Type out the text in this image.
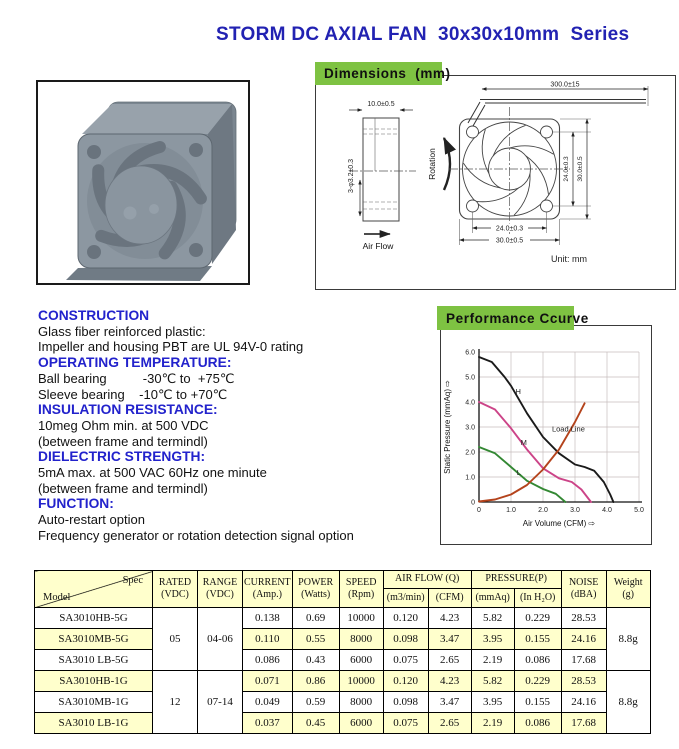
STORM DC AXIAL FAN  30x30x10mm  Series
Dimensions  (mm)
10.0±0.5
3-φ3.2±0.3
Air Flow
Rotation
300.0±15
24.0±0.3 30.0±0.5
24.0±0.3
30.0±0.5
Unit: mm
CONSTRUCTION
Glass fiber reinforced plastic:
Impeller and housing PBT are UL 94V-0 rating
OPERATING TEMPERATURE:
Ball bearing          -30℃ to  +75℃
Sleeve bearing    -10℃ to +70℃
INSULATION RESISTANCE:
10meg Ohm min. at 500 VDC
(between frame and termindl)
DIELECTRIC STRENGTH:
5mA max. at 500 VAC 60Hz one minute
(between frame and termindl)
FUNCTION:
Auto-restart option
Frequency generator or rotation detection signal option
Performance Ccurve
0	1.0	2.0	3.0	4.0	5.0
0
1.0
2.0
3.0
4.0
5.0
6.0
H
M
L
Load Line
Air Volume (CFM) ⇨
Static Pressure (mmAq) ⇨
Spec
Model

RATED
(VDC)

RANGE
(VDC)

CURRENT
(Amp.)

POWER
(Watts)

SPEED
(Rpm)
	AIR FLOW (Q)	PRESSURE(P)	NOISE
(dBA)

Weight
(g)

						(m3/min)	(CFM)	(mmAq)	(In H₂O)		
SA3010HB-5G	05	04-06	0.138	0.69	10000	0.120	4.23	5.82	0.229	28.53	8.8g
SA3010MB-5G			0.110	0.55	8000	0.098	3.47	3.95	0.155	24.16	
SA3010 LB-5G			0.086	0.43	6000	0.075	2.65	2.19	0.086	17.68	
SA3010HB-1G	12	07-14	0.071	0.86	10000	0.120	4.23	5.82	0.229	28.53	8.8g
SA3010MB-1G			0.049	0.59	8000	0.098	3.47	3.95	0.155	24.16	
SA3010 LB-1G			0.037	0.45	6000	0.075	2.65	2.19	0.086	17.68	
